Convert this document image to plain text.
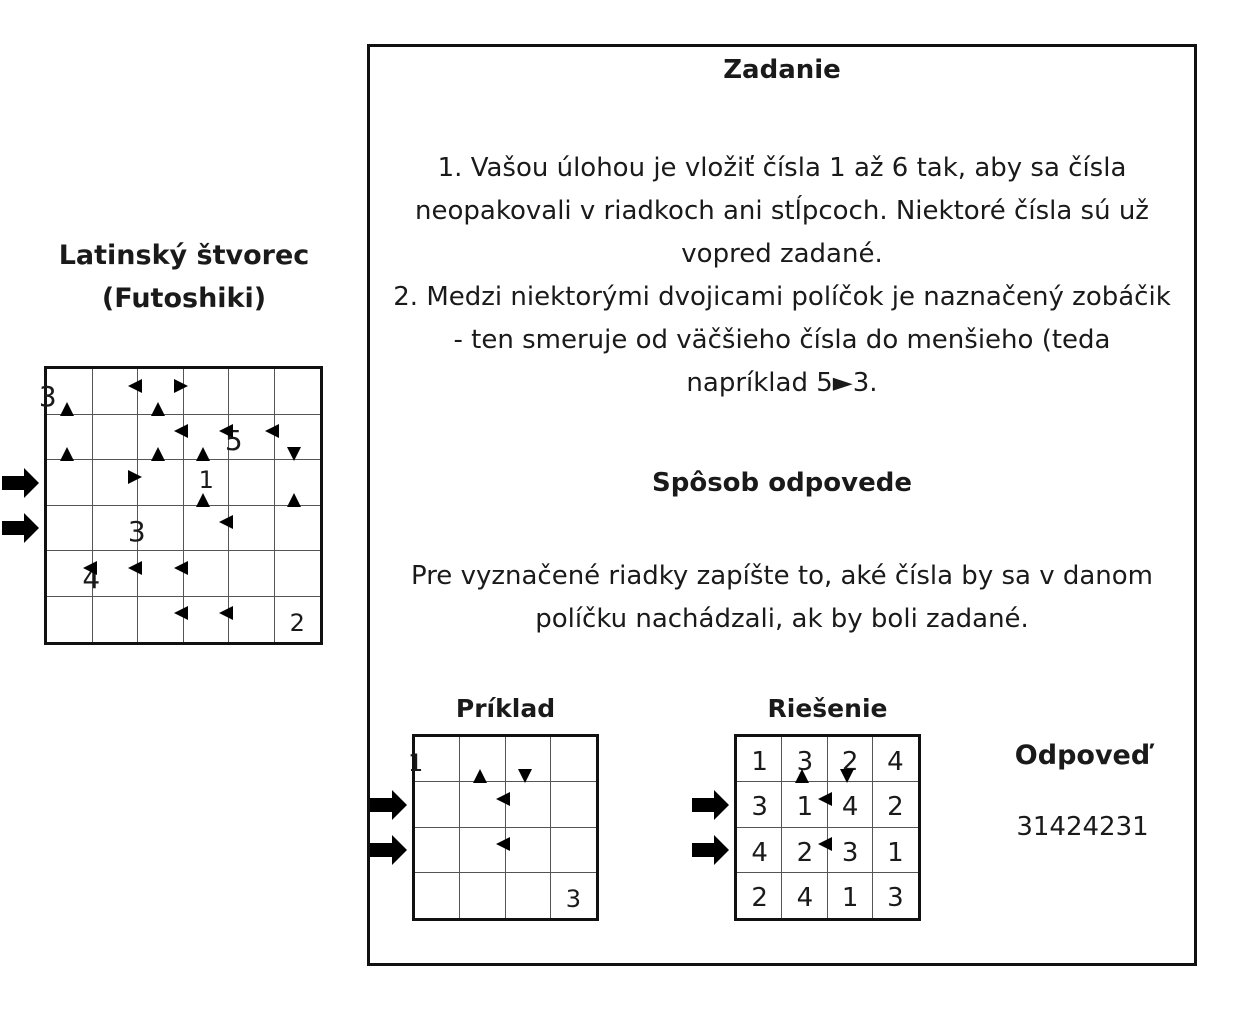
Latinský štvorec
(Futoshiki)
3
5
1
3
4
2
Zadanie
1. Vašou úlohou je vložiť čísla 1 až 6 tak, aby sa čísla
neopakovali v riadkoch ani stĺpcoch. Niektoré čísla sú už
vopred zadané.
2. Medzi niektorými dvojicami políčok je naznačený zobáčik
- ten smeruje od väčšieho čísla do menšieho (teda
napríklad 5►3.
Spôsob odpovede
Pre vyznačené riadky zapíšte to, aké čísla by sa v danom
políčku nachádzali, ak by boli zadané.
Príklad
1
3
Riešenie
1	3	2	4
3	1	4	2
4	2	3	1
2	4	1	3
Odpoveď
31424231
